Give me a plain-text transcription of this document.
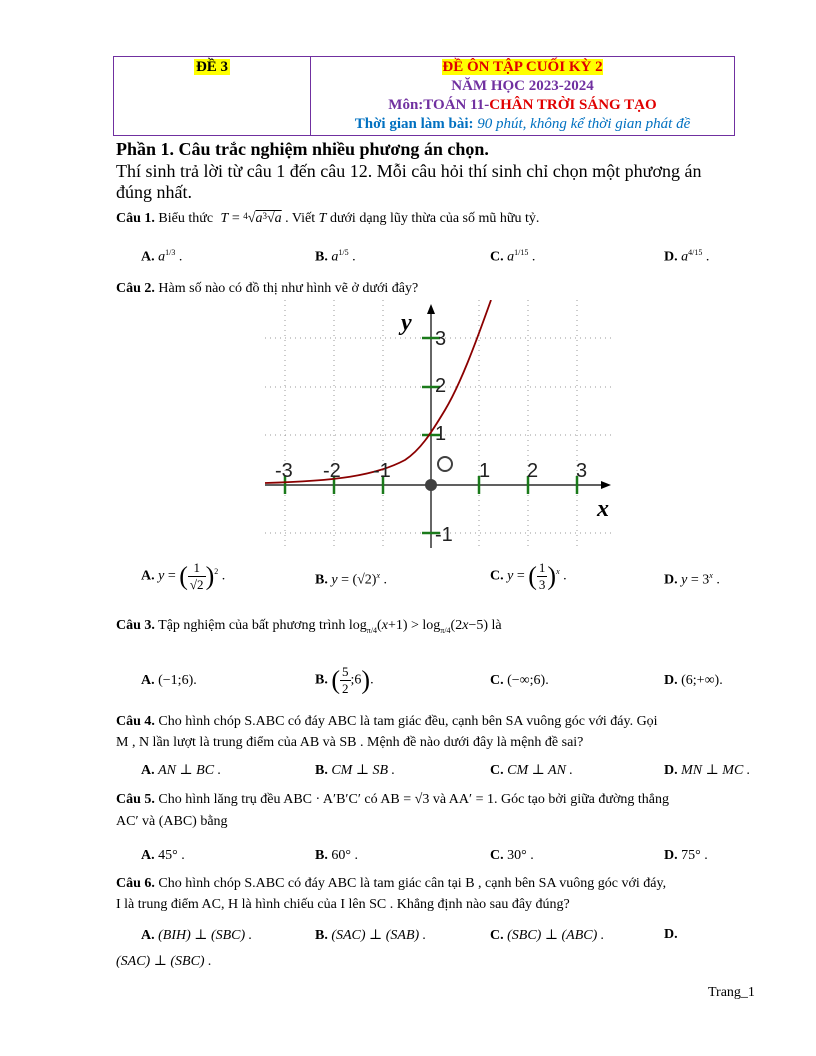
ĐỀ 3	ĐỀ ÔN TẬP CUỐI KỲ 2
NĂM HỌC 2023-2024
Môn:TOÁN 11-CHÂN TRỜI SÁNG TẠO
Thời gian làm bài: 90 phút, không kể thời gian phát đề
Phần 1. Câu trắc nghiệm nhiều phương án chọn.
Thí sinh trả lời từ câu 1 đến câu 12. Mỗi câu hỏi thí sinh chỉ chọn một phương án
đúng nhất.
Câu 1. Biểu thức $T = ^4√a^3√a$ . Viết T dưới dạng lũy thừa của số mũ hữu tỷ.
A. $a^{1/3}$ .	B. $a^{1/5}$ .	C. $a^{1/15}$ .	D. $a^{4/15}$ .
Câu 2. Hàm số nào có đồ thị như hình vẽ ở dưới đây?
-3 -2 -1	1 2 3
3
2
1
-1
y
x
A. y = ( $\frac{1}{√2} )^2$ .	B. $y = (√2)^x$ .	C. y = ( $\frac{1}{3} )^x$ .	D. $y = 3^x$ .
Câu 3. Tập nghiệm của bất phương trình $\log_{\pi/4}(x+1) > \log_{\pi/4}(2x-5)$ là
A. (−1;6).	B. ( $\frac{5}{2}$ ;6).	C. (−∞;6).	D. (6;+∞).
Câu 4. Cho hình chóp S.ABC có đáy ABC là tam giác đều, cạnh bên SA vuông góc với đáy. Gọi
M , N lần lượt là trung điểm của AB và SB . Mệnh đề nào dưới đây là mệnh đề sai?
A. AN ⊥ BC .	B. CM ⊥ SB .	C. CM ⊥ AN .	D. MN ⊥ MC .
Câu 5. Cho hình lăng trụ đều ABC · A′B′C′ có AB = √3 và AA′ = 1. Góc tạo bởi giữa đường thẳng
AC′ và (ABC) bằng
A. 45° .	B. 60° .	C. 30° .	D. 75° .
Câu 6. Cho hình chóp S.ABC có đáy ABC là tam giác cân tại B , cạnh bên SA vuông góc với đáy,
I là trung điểm AC, H là hình chiếu của I lên SC . Khẳng định nào sau đây đúng?
A. (BIH) ⊥ (SBC) .	B. (SAC) ⊥ (SAB) .	C. (SBC) ⊥ (ABC) .	D.
(SAC) ⊥ (SBC) .
Trang_1
